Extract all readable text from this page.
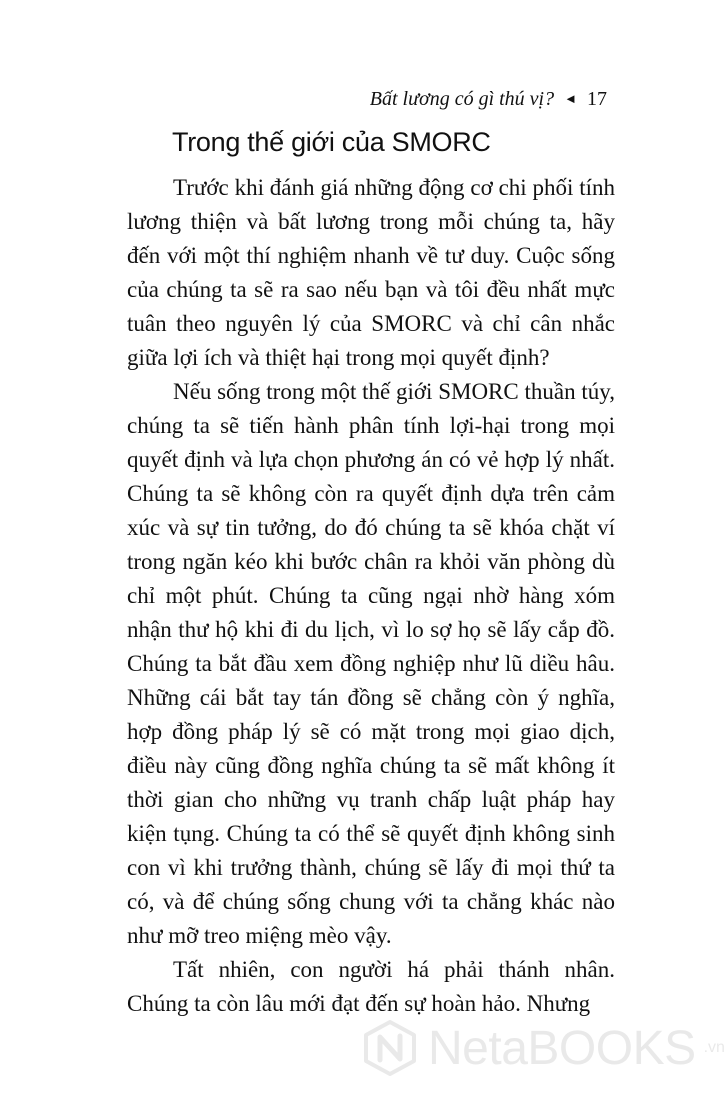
Bất lương có gì thú vị? ◄ 17
Trong thế giới của SMORC

Trước khi đánh giá những động cơ chi phối tính lương thiện và bất lương trong mỗi chúng ta, hãy đến với một thí nghiệm nhanh về tư duy. Cuộc sống của chúng ta sẽ ra sao nếu bạn và tôi đều nhất mực tuân theo nguyên lý của SMORC và chỉ cân nhắc giữa lợi ích và thiệt hại trong mọi quyết định?

Nếu sống trong một thế giới SMORC thuần túy, chúng ta sẽ tiến hành phân tính lợi-hại trong mọi quyết định và lựa chọn phương án có vẻ hợp lý nhất. Chúng ta sẽ không còn ra quyết định dựa trên cảm xúc và sự tin tưởng, do đó chúng ta sẽ khóa chặt ví trong ngăn kéo khi bước chân ra khỏi văn phòng dù chỉ một phút. Chúng ta cũng ngại nhờ hàng xóm nhận thư hộ khi đi du lịch, vì lo sợ họ sẽ lấy cắp đồ. Chúng ta bắt đầu xem đồng nghiệp như lũ diều hâu. Những cái bắt tay tán đồng sẽ chẳng còn ý nghĩa, hợp đồng pháp lý sẽ có mặt trong mọi giao dịch, điều này cũng đồng nghĩa chúng ta sẽ mất không ít thời gian cho những vụ tranh chấp luật pháp hay kiện tụng. Chúng ta có thể sẽ quyết định không sinh con vì khi trưởng thành, chúng sẽ lấy đi mọi thứ ta có, và để chúng sống chung với ta chẳng khác nào như mỡ treo miệng mèo vậy.

Tất nhiên, con người há phải thánh nhân. Chúng ta còn lâu mới đạt đến sự hoàn hảo. Nhưng

NetaBOOKS .vn
